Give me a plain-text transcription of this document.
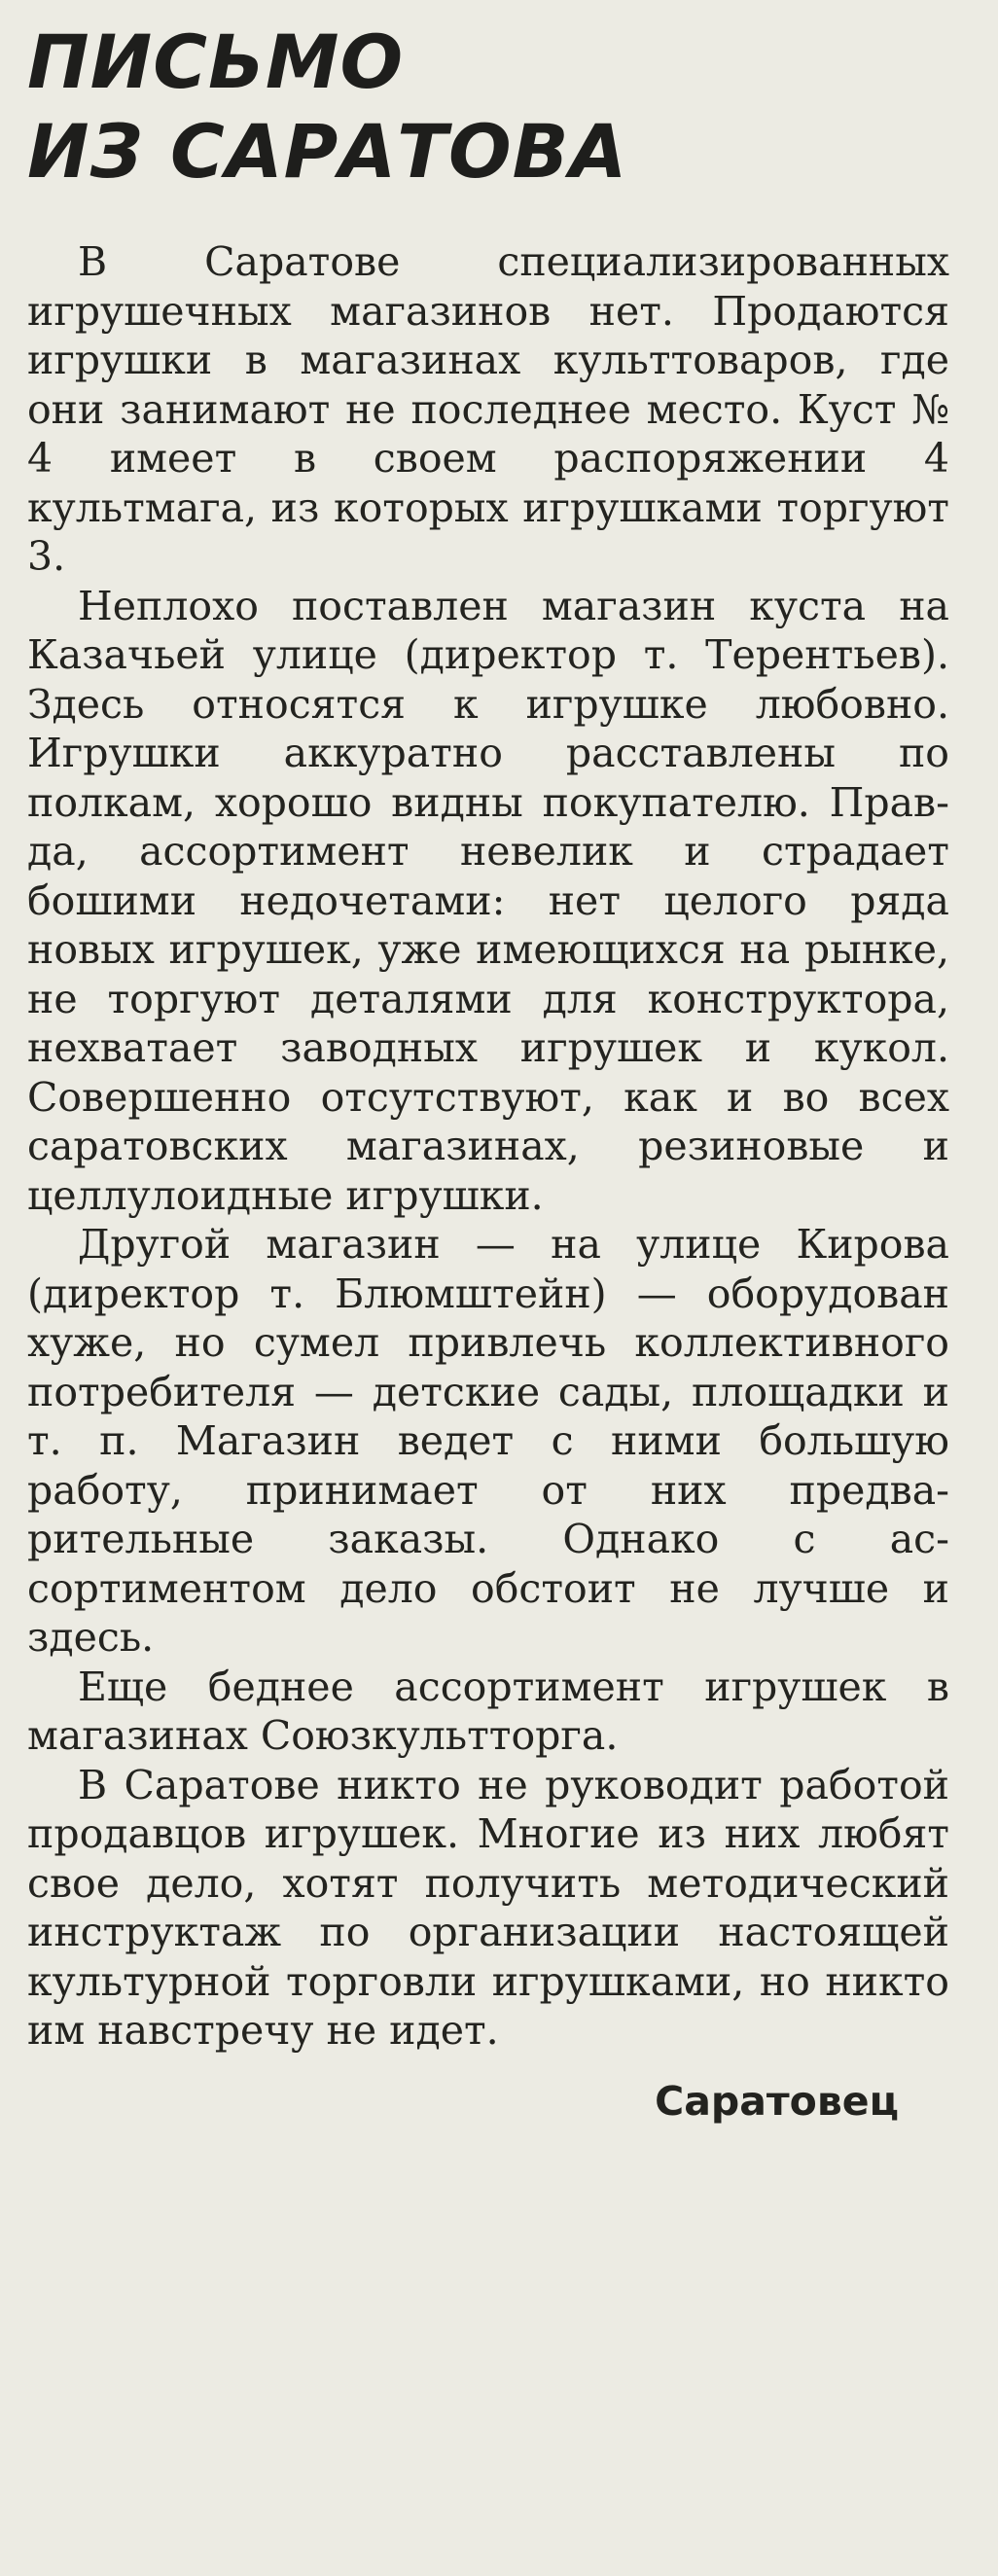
ПИСЬМО
ИЗ САРАТОВА

В Саратове специализированных игрушечных магазинов нет. Продаются игрушки в магазинах культтоваров, где они занимают не последнее место. Куст № 4 имеет в своем распоряжении 4 культмага, из которых игрушками торгуют 3.

Неплохо поставлен магазин куста на Казачьей улице (директор т. Терентьев). Здесь относятся к игрушке любовно. Игрушки аккуратно расставлены по полкам, хорошо видны покупателю. Правда, ассортимент невелик и страдает бошими недочетами: нет целого ряда новых игрушек, уже имеющихся на рынке, не торгуют деталями для конструктора, нехватает заводных игрушек и кукол. Совершенно отсутствуют, как и во всех саратовских магазинах, резиновые и целлулоидные игрушки.

Другой магазин — на улице Кирова (директор т. Блюмштейн) — оборудован хуже, но сумел привлечь коллективного потребителя — детские сады, площадки и т. п. Магазин ведет с ними большую работу, принимает от них предварительные заказы. Однако с ассортиментом дело обстоит не лучше и здесь.

Еще беднее ассортимент игрушек в магазинах Союзкультторга.

В Саратове никто не руководит работой продавцов игрушек. Многие из них любят свое дело, хотят получить методический инструктаж по организации настоящей культурной торговли игрушками, но никто им навстречу не идет.

Саратовец
